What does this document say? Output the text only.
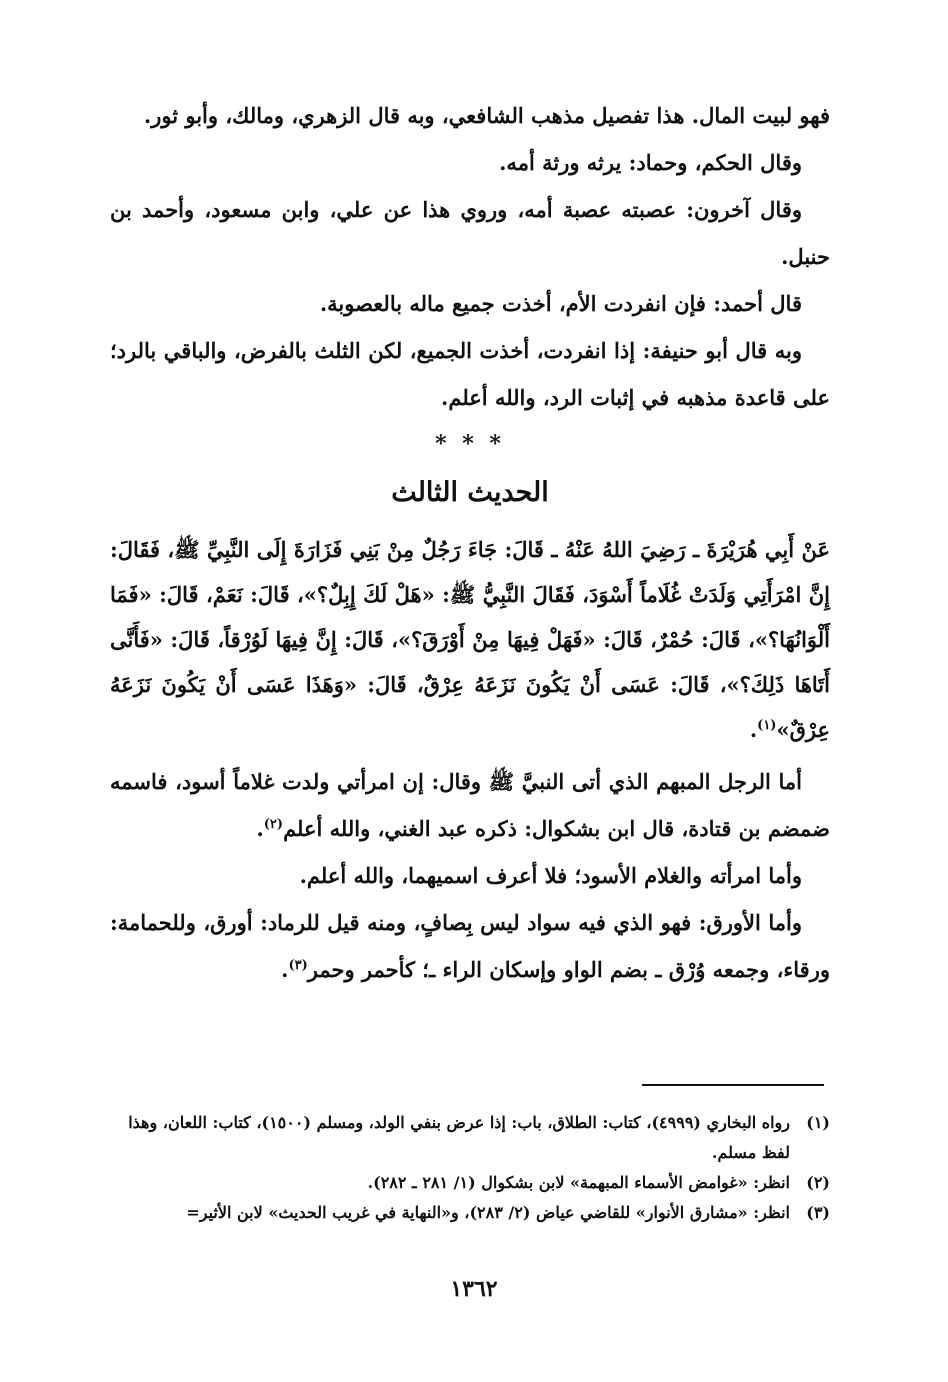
فهو لبيت المال. هذا تفصيل مذهب الشافعي، وبه قال الزهري، ومالك، وأبو ثور.

وقال الحكم، وحماد: يرثه ورثة أمه.

وقال آخرون: عصبته عصبة أمه، وروي هذا عن علي، وابن مسعود، وأحمد بن حنبل.

قال أحمد: فإن انفردت الأم، أخذت جميع ماله بالعصوبة.

وبه قال أبو حنيفة: إذا انفردت، أخذت الجميع، لكن الثلث بالفرض، والباقي بالرد؛ على قاعدة مذهبه في إثبات الرد، والله أعلم.

* * *
الحديث الثالث

عَنْ أَبِي هُرَيْرَةَ ـ رَضِيَ اللهُ عَنْهُ ـ قَالَ: جَاءَ رَجُلٌ مِنْ بَنِي فَزَارَةَ إِلَى النَّبِيِّ ﷺ، فَقَالَ: إِنَّ امْرَأَتِي وَلَدَتْ غُلَاماً أَسْوَدَ، فَقَالَ النَّبِيُّ ﷺ: «هَلْ لَكَ إِبِلٌ؟»، قَالَ: نَعَمْ، قَالَ: «فَمَا أَلْوَانُهَا؟»، قَالَ: حُمْرٌ، قَالَ: «فَهَلْ فِيهَا مِنْ أَوْرَقَ؟»، قَالَ: إِنَّ فِيهَا لَوُرْقاً، قَالَ: «فَأَنَّى أَتَاهَا ذَلِكَ؟»، قَالَ: عَسَى أَنْ يَكُونَ نَزَعَهُ عِرْقٌ، قَالَ: «وَهَذَا عَسَى أَنْ يَكُونَ نَزَعَهُ عِرْقٌ»$^{(١)}$.

أما الرجل المبهم الذي أتى النبيَّ ﷺ وقال: إن امرأتي ولدت غلاماً أسود، فاسمه ضمضم بن قتادة، قال ابن بشكوال: ذكره عبد الغني، والله أعلم$^{(٢)}$.

وأما امرأته والغلام الأسود؛ فلا أعرف اسميهما، والله أعلم.

وأما الأورق: فهو الذي فيه سواد ليس بِصافٍ، ومنه قيل للرماد: أورق، وللحمامة: ورقاء، وجمعه وُرْق ـ بضم الواو وإسكان الراء ـ؛ كأحمر وحمر$^{(٣)}$.

(١)
رواه البخاري (٤٩٩٩)، كتاب: الطلاق، باب: إذا عرض بنفي الولد، ومسلم (١٥٠٠)، كتاب: اللعان، وهذا لفظ مسلم.
(٢)
انظر: «غوامض الأسماء المبهمة» لابن بشكوال (١/ ٢٨١ ـ ٢٨٢).
(٣)
انظر: «مشارق الأنوار» للقاضي عياض (٢/ ٢٨٣)، و«النهاية في غريب الحديث» لابن الأثير=
١٣٦٢
